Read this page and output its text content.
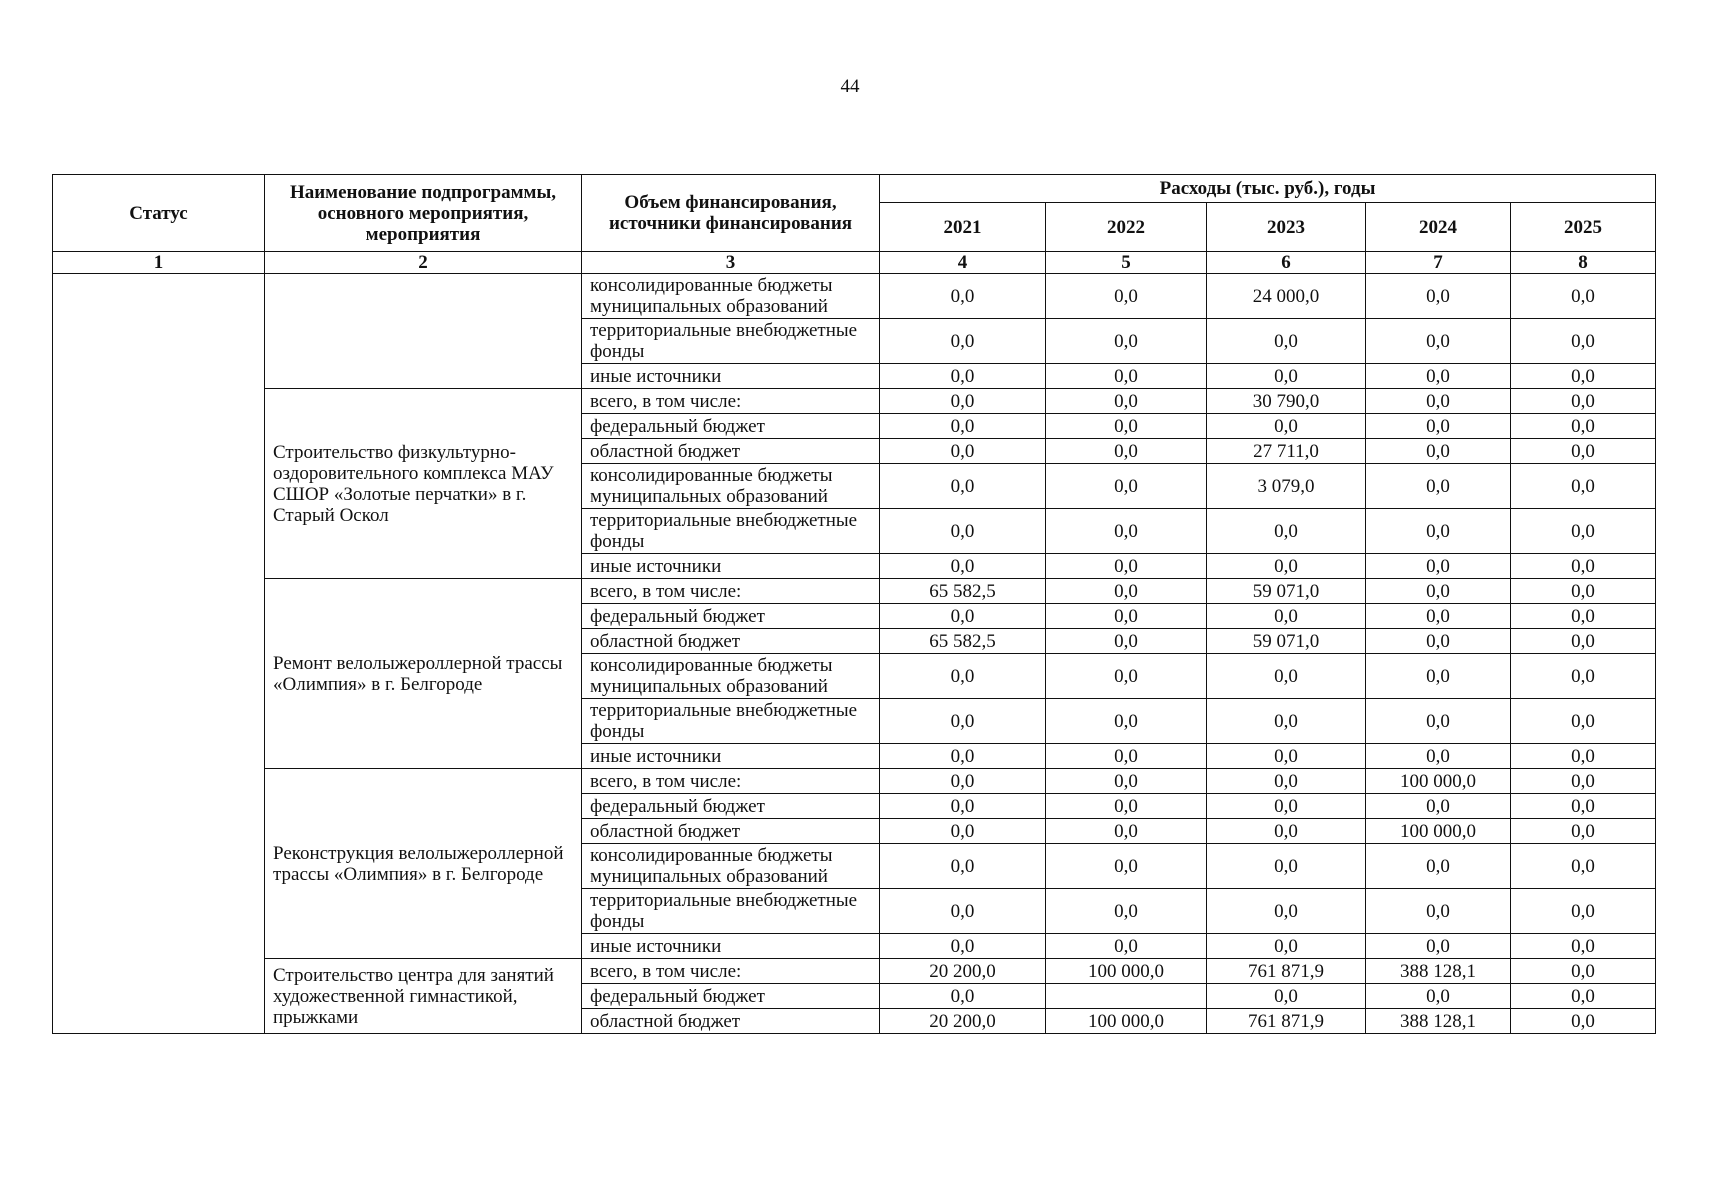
44
Статус	Наименование подпрограммы, основного мероприятия, мероприятия	Объем финансирования, источники финансирования	Расходы (тыс. руб.), годы				
			2021	2022	2023	2024	2025
1	2	3	4	5	6	7	8
		консолидированные бюджеты муниципальных образований	0,0	0,0	24 000,0	0,0	0,0
		территориальные внебюджетные фонды	0,0	0,0	0,0	0,0	0,0
		иные источники	0,0	0,0	0,0	0,0	0,0
	Строительство физкультурно-оздоровительного комплекса МАУ СШОР «Золотые перчатки» в г. Старый Оскол	всего, в том числе:	0,0	0,0	30 790,0	0,0	0,0
		федеральный бюджет	0,0	0,0	0,0	0,0	0,0
		областной бюджет	0,0	0,0	27 711,0	0,0	0,0
		консолидированные бюджеты муниципальных образований	0,0	0,0	3 079,0	0,0	0,0
		территориальные внебюджетные фонды	0,0	0,0	0,0	0,0	0,0
		иные источники	0,0	0,0	0,0	0,0	0,0
	Ремонт велолыжероллерной трассы «Олимпия» в г. Белгороде	всего, в том числе:	65 582,5	0,0	59 071,0	0,0	0,0
		федеральный бюджет	0,0	0,0	0,0	0,0	0,0
		областной бюджет	65 582,5	0,0	59 071,0	0,0	0,0
		консолидированные бюджеты муниципальных образований	0,0	0,0	0,0	0,0	0,0
		территориальные внебюджетные фонды	0,0	0,0	0,0	0,0	0,0
		иные источники	0,0	0,0	0,0	0,0	0,0
	Реконструкция велолыжероллерной трассы «Олимпия» в г. Белгороде	всего, в том числе:	0,0	0,0	0,0	100 000,0	0,0
		федеральный бюджет	0,0	0,0	0,0	0,0	0,0
		областной бюджет	0,0	0,0	0,0	100 000,0	0,0
		консолидированные бюджеты муниципальных образований	0,0	0,0	0,0	0,0	0,0
		территориальные внебюджетные фонды	0,0	0,0	0,0	0,0	0,0
		иные источники	0,0	0,0	0,0	0,0	0,0
	Строительство центра для занятий художественной гимнастикой, прыжками	всего, в том числе:	20 200,0	100 000,0	761 871,9	388 128,1	0,0
		федеральный бюджет	0,0		0,0	0,0	0,0
		областной бюджет	20 200,0	100 000,0	761 871,9	388 128,1	0,0
